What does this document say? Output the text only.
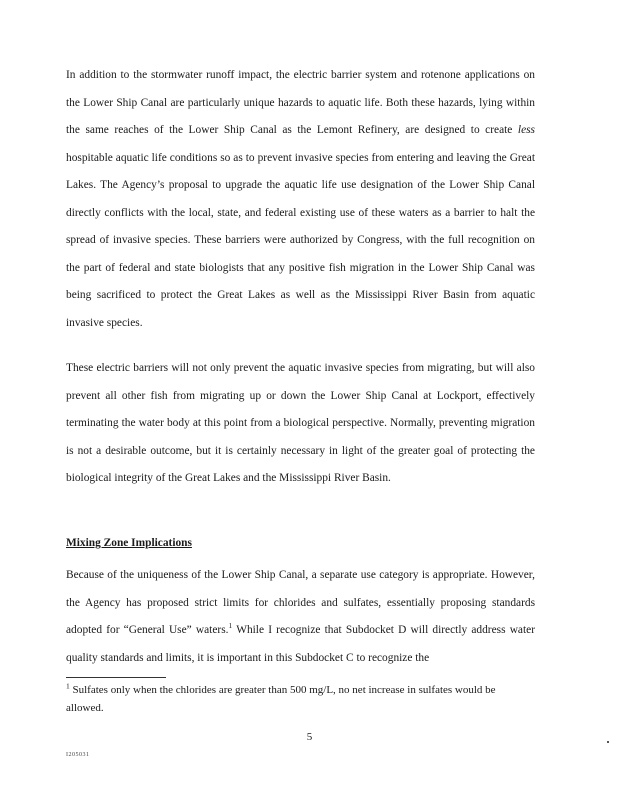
In addition to the stormwater runoff impact, the electric barrier system and rotenone applications on the Lower Ship Canal are particularly unique hazards to aquatic life. Both these hazards, lying within the same reaches of the Lower Ship Canal as the Lemont Refinery, are designed to create less hospitable aquatic life conditions so as to prevent invasive species from entering and leaving the Great Lakes. The Agency’s proposal to upgrade the aquatic life use designation of the Lower Ship Canal directly conflicts with the local, state, and federal existing use of these waters as a barrier to halt the spread of invasive species. These barriers were authorized by Congress, with the full recognition on the part of federal and state biologists that any positive fish migration in the Lower Ship Canal was being sacrificed to protect the Great Lakes as well as the Mississippi River Basin from aquatic invasive species.

These electric barriers will not only prevent the aquatic invasive species from migrating, but will also prevent all other fish from migrating up or down the Lower Ship Canal at Lockport, effectively terminating the water body at this point from a biological perspective. Normally, preventing migration is not a desirable outcome, but it is certainly necessary in light of the greater goal of protecting the biological integrity of the Great Lakes and the Mississippi River Basin.

Mixing Zone Implications

Because of the uniqueness of the Lower Ship Canal, a separate use category is appropriate. However, the Agency has proposed strict limits for chlorides and sulfates, essentially proposing standards adopted for “General Use” waters.$^1$ While I recognize that Subdocket D will directly address water quality standards and limits, it is important in this Subdocket C to recognize the

$^1$ Sulfates only when the chlorides are greater than 500 mg/L, no net increase in sulfates would be allowed.

5
I205031
